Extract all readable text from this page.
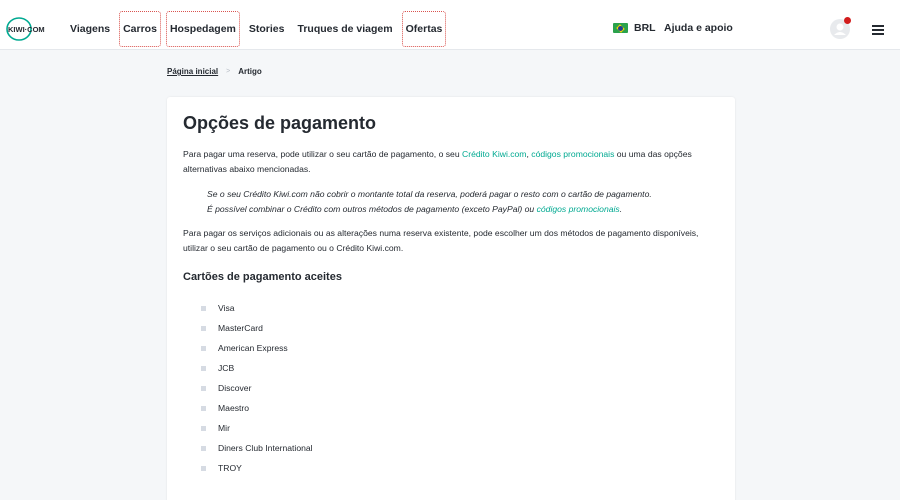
KIWI·COM	Viagens	Carros	Hospedagem	Stories	Truques de viagem	Ofertas	BRL Ajuda e apoio
Página inicial > Artigo
Opções de pagamento

Para pagar uma reserva, pode utilizar o seu cartão de pagamento, o seu Crédito Kiwi.com, códigos promocionais ou uma das opções alternativas abaixo mencionadas.

Se o seu Crédito Kiwi.com não cobrir o montante total da reserva, poderá pagar o resto com o cartão de pagamento.
É possível combinar o Crédito com outros métodos de pagamento (exceto PayPal) ou códigos promocionais.

Para pagar os serviços adicionais ou as alterações numa reserva existente, pode escolher um dos métodos de pagamento disponíveis, utilizar o seu cartão de pagamento ou o Crédito Kiwi.com.

Cartões de pagamento aceites
Visa
MasterCard
American Express
JCB
Discover
Maestro
Mir
Diners Club International
TROY
